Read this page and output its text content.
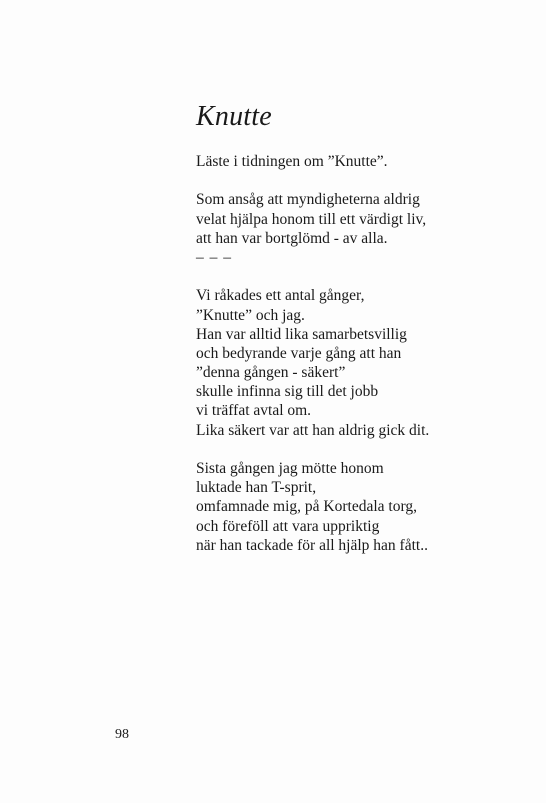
Knutte

Läste i tidningen om ”Knutte”.

Som ansåg att myndigheterna aldrig
velat hjälpa honom till ett värdigt liv,
att han var bortglömd - av alla.
– – –

Vi råkades ett antal gånger,
”Knutte” och jag.
Han var alltid lika samarbetsvillig
och bedyrande varje gång att han
”denna gången - säkert”
skulle infinna sig till det jobb
vi träffat avtal om.
Lika säkert var att han aldrig gick dit.

Sista gången jag mötte honom
luktade han T-sprit,
omfamnade mig, på Kortedala torg,
och föreföll att vara uppriktig
när han tackade för all hjälp han fått..

98
